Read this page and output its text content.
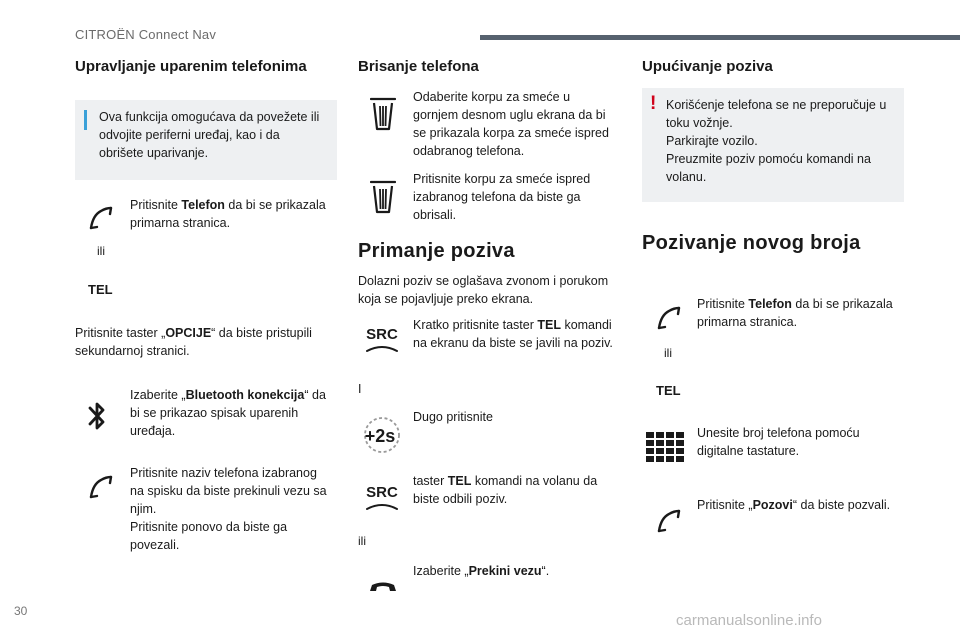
CITROËN Connect Nav
Upravljanje uparenim telefonima
Ova funkcija omogućava da povežete ili odvojite periferni uređaj, kao i da obrišete uparivanje.
Pritisnite Telefon da bi se prikazala primarna stranica.
ili
TEL
Pritisnite taster „OPCIJE“ da biste pristupili sekundarnoj stranici.
Izaberite „Bluetooth konekcija“ da bi se prikazao spisak uparenih uređaja.
Pritisnite naziv telefona izabranog na spisku da biste prekinuli vezu sa njim.
Pritisnite ponovo da biste ga povezali.
Brisanje telefona
Odaberite korpu za smeće u gornjem desnom uglu ekrana da bi se prikazala korpa za smeće ispred odabranog telefona.
Pritisnite korpu za smeće ispred izabranog telefona da biste ga obrisali.
Primanje poziva
Dolazni poziv se oglašava zvonom i porukom koja se pojavljuje preko ekrana.
SRC
Kratko pritisnite taster TEL komandi na ekranu da biste se javili na poziv.
I
+2s
Dugo pritisnite
SRC
taster TEL komandi na volanu da biste odbili poziv.
ili
Izaberite „Prekini vezu“.
Upućivanje poziva
! Korišćenje telefona se ne preporučuje u toku vožnje.
Parkirajte vozilo.
Preuzmite poziv pomoću komandi na volanu.
Pozivanje novog broja
Pritisnite Telefon da bi se prikazala primarna stranica.
ili
TEL
Unesite broj telefona pomoću digitalne tastature.
Pritisnite „Pozovi“ da biste pozvali.
30
carmanualsonline.info
